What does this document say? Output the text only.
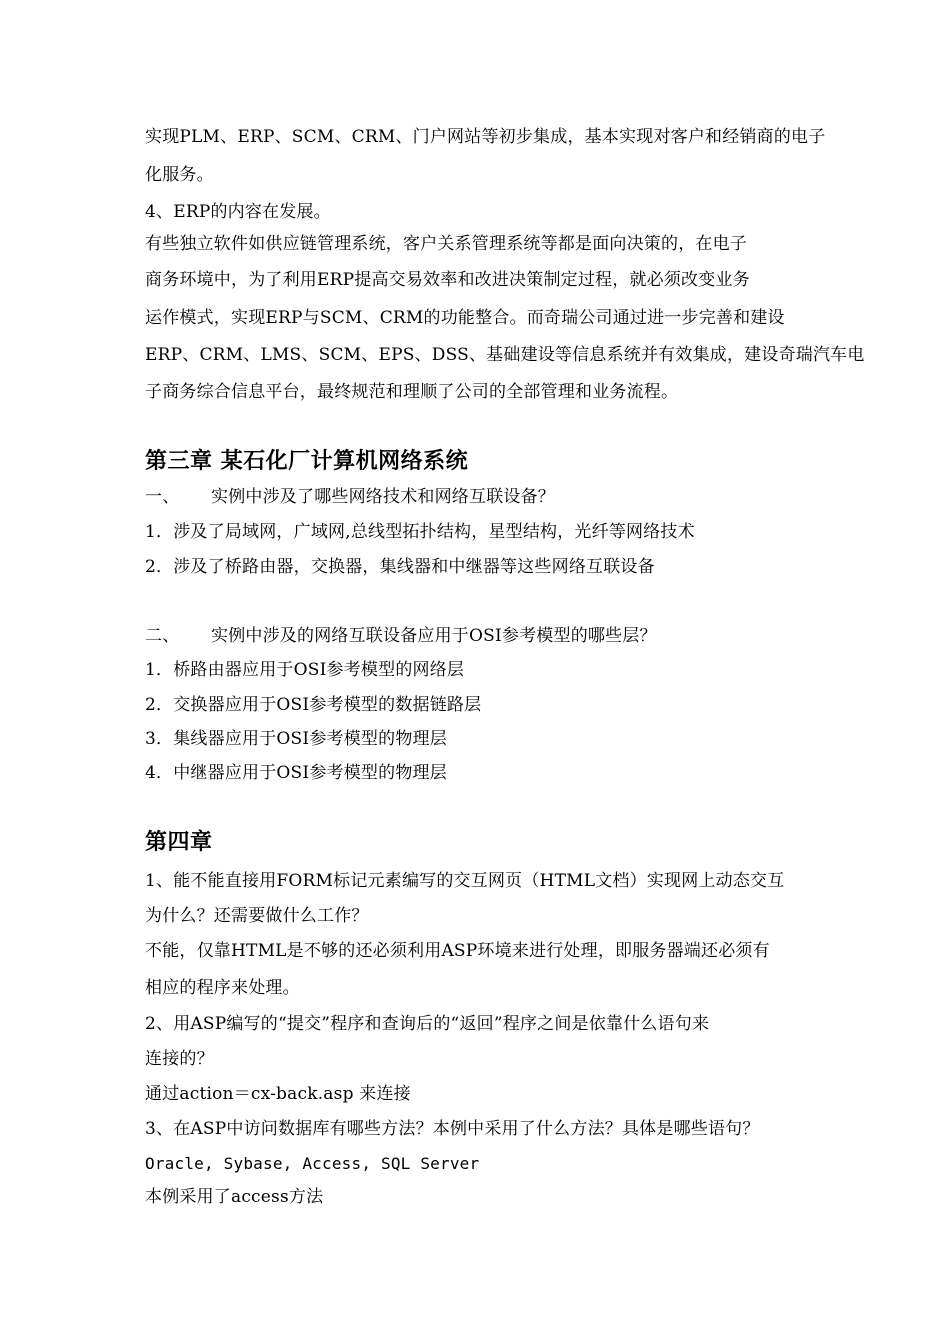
实现PLM、ERP、SCM、CRM、门户网站等初步集成，基本实现对客户和经销商的电子
化服务。
4、ERP的内容在发展。
有些独立软件如供应链管理系统，客户关系管理系统等都是面向决策的，在电子
商务环境中，为了利用ERP提高交易效率和改进决策制定过程，就必须改变业务
运作模式，实现ERP与SCM、CRM的功能整合。而奇瑞公司通过进一步完善和建设
ERP、CRM、LMS、SCM、EPS、DSS、基础建设等信息系统并有效集成，建设奇瑞汽车电
子商务综合信息平台，最终规范和理顺了公司的全部管理和业务流程。
第三章 某石化厂计算机网络系统
一、 实例中涉及了哪些网络技术和网络互联设备？
1．涉及了局域网，广域网,总线型拓扑结构，星型结构，光纤等网络技术
2．涉及了桥路由器，交换器，集线器和中继器等这些网络互联设备
二、 实例中涉及的网络互联设备应用于OSI参考模型的哪些层？
1．桥路由器应用于OSI参考模型的网络层
2．交换器应用于OSI参考模型的数据链路层
3．集线器应用于OSI参考模型的物理层
4．中继器应用于OSI参考模型的物理层
第四章
1、能不能直接用FORM标记元素编写的交互网页（HTML文档）实现网上动态交互
为什么？还需要做什么工作？
不能，仅靠HTML是不够的还必须利用ASP环境来进行处理，即服务器端还必须有
相应的程序来处理。
2、用ASP编写的“提交”程序和查询后的“返回”程序之间是依靠什么语句来
连接的？
通过action＝cx-back.asp 来连接
3、在ASP中访问数据库有哪些方法？本例中采用了什么方法？具体是哪些语句？
Oracle, Sybase, Access, SQL Server
本例采用了access方法
